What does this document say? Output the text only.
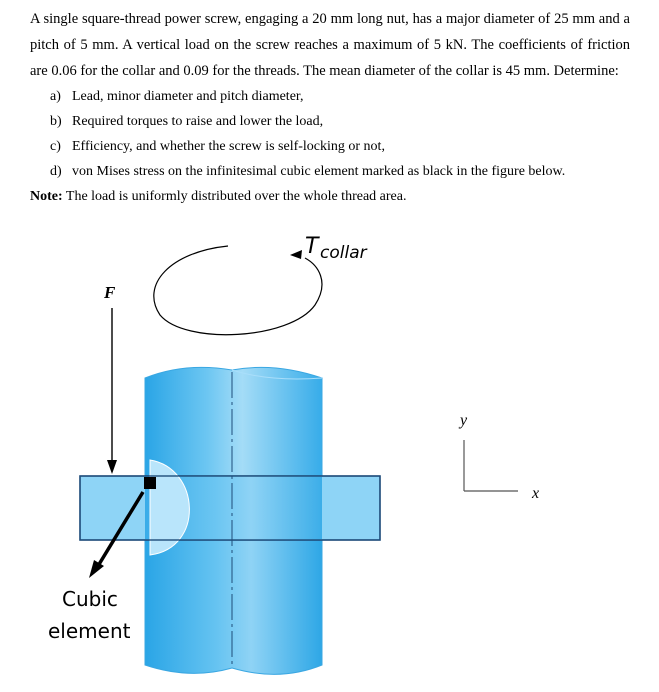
A single square-thread power screw, engaging a 20 mm long nut, has a major diameter of 25 mm and a pitch of 5 mm. A vertical load on the screw reaches a maximum of 5 kN. The coefficients of friction are 0.06 for the collar and 0.09 for the threads. The mean diameter of the collar is 45 mm. Determine:

a) Lead, minor diameter and pitch diameter,
b) Required torques to raise and lower the load,
c) Efficiency, and whether the screw is self-locking or not,
d) von Mises stress on the infinitesimal cubic element marked as black in the figure below.

Note: The load is uniformly distributed over the whole thread area.

T collar
F
Cubic
element
y
x
